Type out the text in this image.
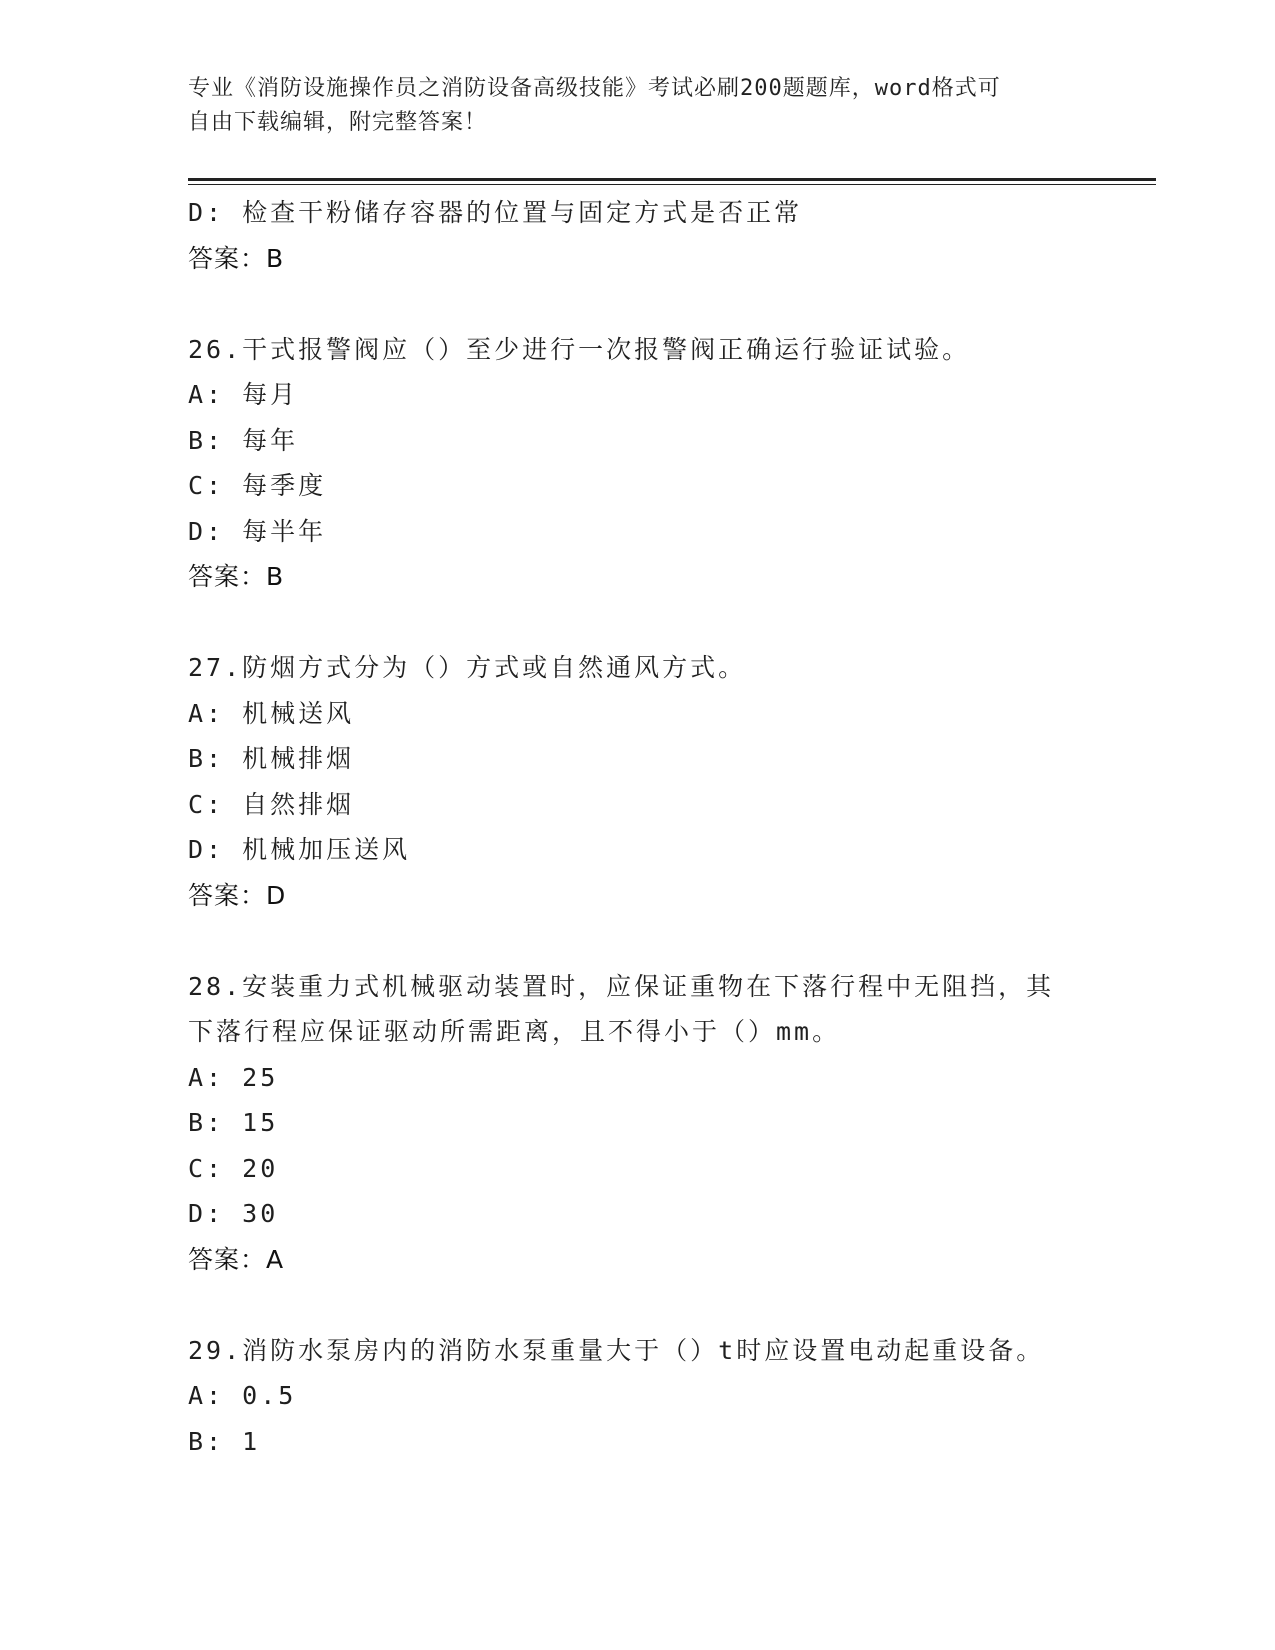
专业《消防设施操作员之消防设备高级技能》考试必刷200题题库，word格式可
自由下载编辑，附完整答案！
D: 检查干粉储存容器的位置与固定方式是否正常
答案：B
26.干式报警阀应（）至少进行一次报警阀正确运行验证试验。
A: 每月
B: 每年
C: 每季度
D: 每半年
答案：B
27.防烟方式分为（）方式或自然通风方式。
A: 机械送风
B: 机械排烟
C: 自然排烟
D: 机械加压送风
答案：D
28.安装重力式机械驱动装置时，应保证重物在下落行程中无阻挡，其
下落行程应保证驱动所需距离，且不得小于（）mm。
A: 25
B: 15
C: 20
D: 30
答案：A
29.消防水泵房内的消防水泵重量大于（）t时应设置电动起重设备。
A: 0.5
B: 1
